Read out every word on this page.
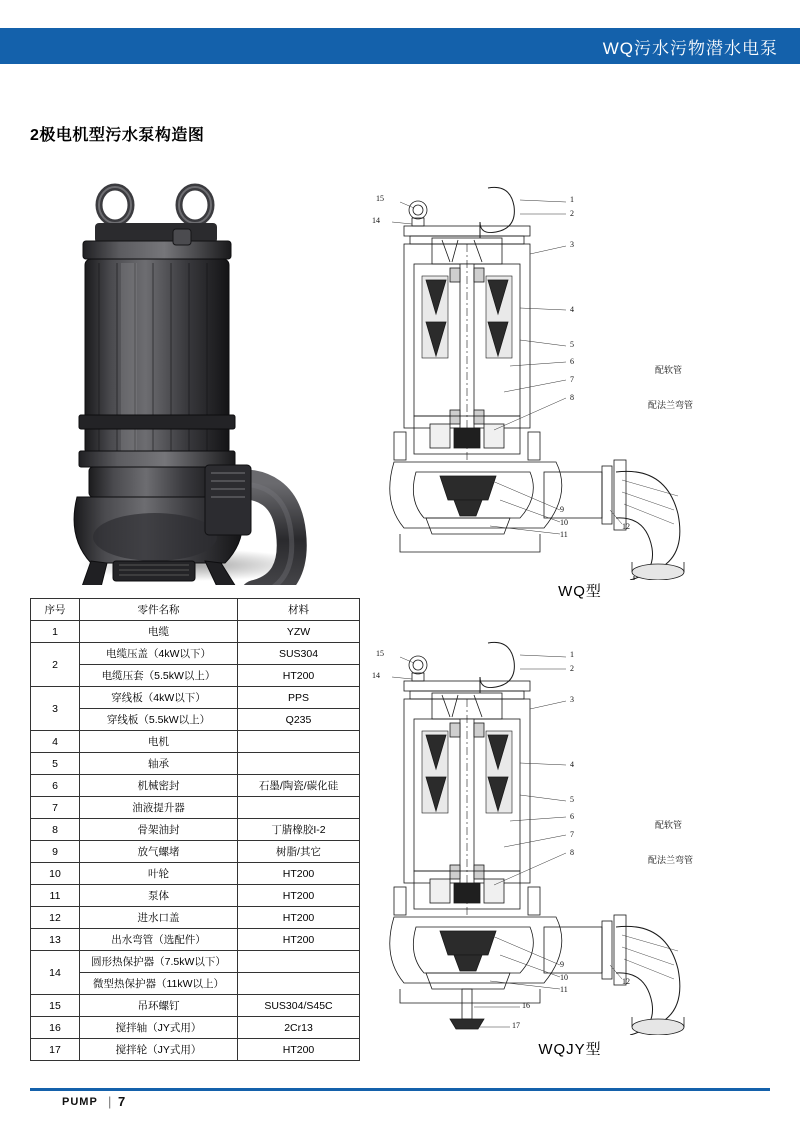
WQ污水污物潜水电泵
2极电机型污水泵构造图
15
14
1
2
3
4
5
6
7
8
9
10
11
12
配软管
配法兰弯管
WQ型
15
14
1
2
3
4
5
6
7
8
9
10
11
12
16
17
配软管
配法兰弯管
WQJY型
序号	零件名称	材料
1	电缆	YZW
2	电缆压盖（4kW以下）	SUS304
	电缆压套（5.5kW以上）	HT200
3	穿线板（4kW以下）	PPS
	穿线板（5.5kW以上）	Q235
4	电机	
5	轴承	
6	机械密封	石墨/陶瓷/碳化硅
7	油液提升器	
8	骨架油封	丁腈橡胶I-2
9	放气螺堵	树脂/其它
10	叶轮	HT200
11	泵体	HT200
12	进水口盖	HT200
13	出水弯管（选配件）	HT200
14	圆形热保护器（7.5kW以下）	
	微型热保护器（11kW以上）	
15	吊环螺钉	SUS304/S45C
16	搅拌轴（JY式用）	2Cr13
17	搅拌轮（JY式用）	HT200
PUMP | 7
